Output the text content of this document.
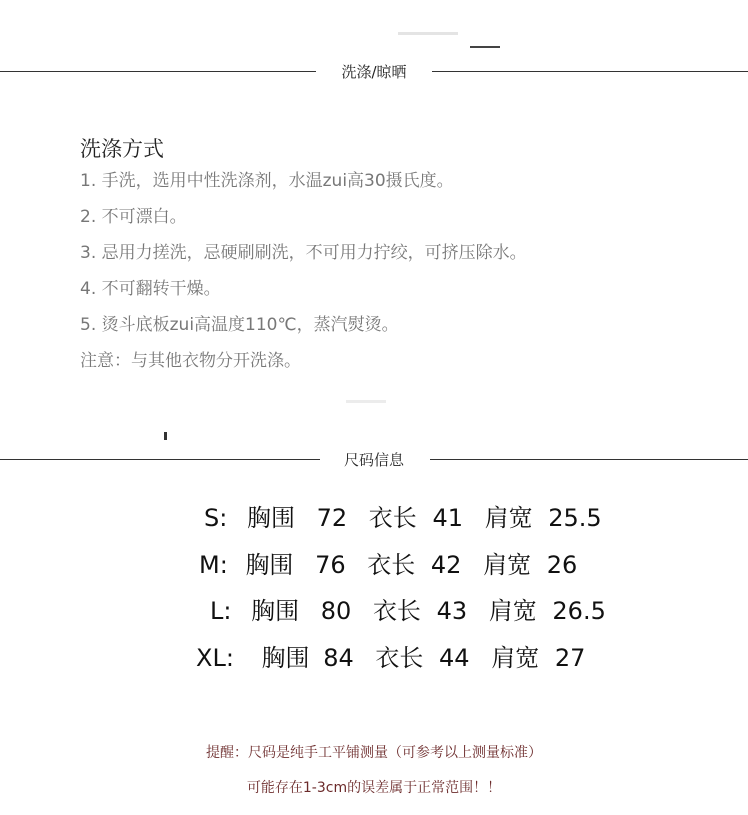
洗涤/晾晒
洗涤方式
1. 手洗，选用中性洗涤剂，水温zui高30摄氏度。
2. 不可漂白。
3. 忌用力搓洗，忌硬刷刷洗，不可用力拧绞，可挤压除水。
4. 不可翻转干燥。
5. 烫斗底板zui高温度110℃，蒸汽熨烫。
注意：与其他衣物分开洗涤。
尺码信息
S: 胸围 72 衣长 41 肩宽 25.5
M: 胸围 76 衣长 42 肩宽 26
L: 胸围 80 衣长 43 肩宽 26.5
XL: 胸围 84 衣长 44 肩宽 27
提醒：尺码是纯手工平铺测量（可参考以上测量标准）
可能存在1-3cm的误差属于正常范围！！
